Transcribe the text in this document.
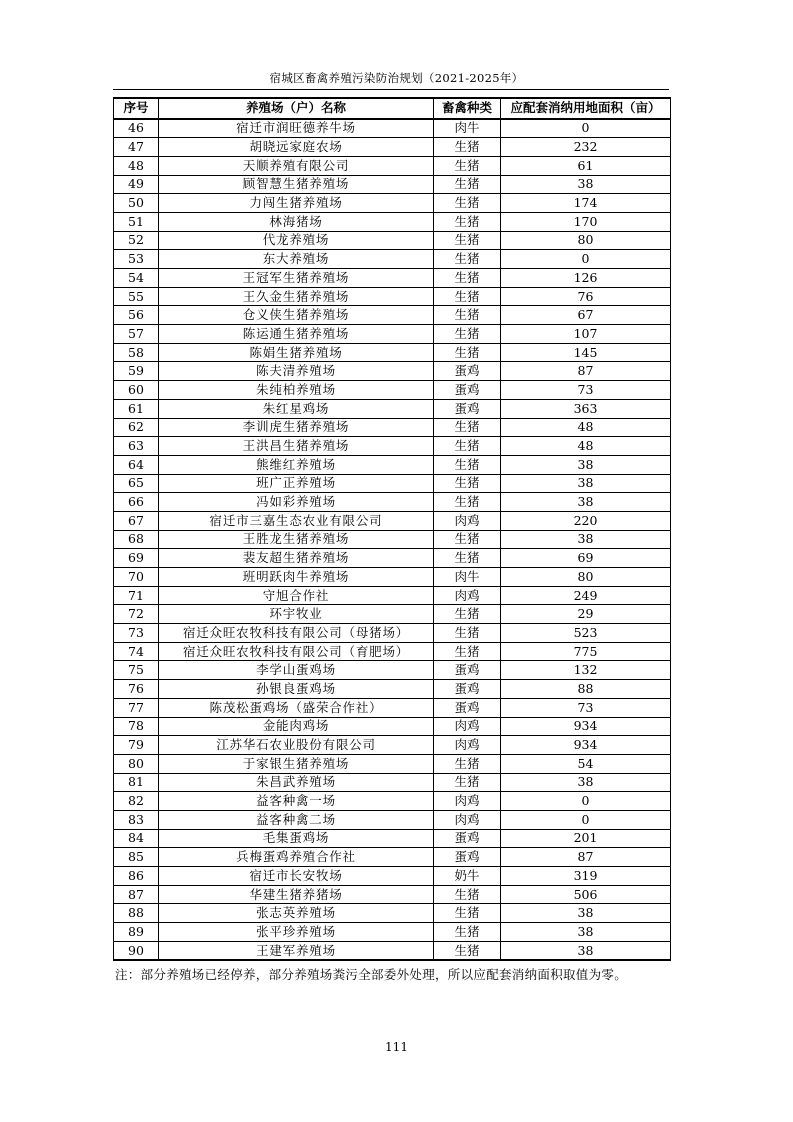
宿城区畜禽养殖污染防治规划（2021-2025年）
序号	养殖场（户）名称	畜禽种类	应配套消纳用地面积（亩）
46	宿迁市润旺德养牛场	肉牛	0
47	胡晓远家庭农场	生猪	232
48	天顺养殖有限公司	生猪	61
49	顾智慧生猪养殖场	生猪	38
50	力闯生猪养殖场	生猪	174
51	林海猪场	生猪	170
52	代龙养殖场	生猪	80
53	东大养殖场	生猪	0
54	王冠军生猪养殖场	生猪	126
55	王久金生猪养殖场	生猪	76
56	仓义侠生猪养殖场	生猪	67
57	陈运通生猪养殖场	生猪	107
58	陈娟生猪养殖场	生猪	145
59	陈夫清养殖场	蛋鸡	87
60	朱纯柏养殖场	蛋鸡	73
61	朱红星鸡场	蛋鸡	363
62	李训虎生猪养殖场	生猪	48
63	王洪昌生猪养殖场	生猪	48
64	熊维红养殖场	生猪	38
65	班广正养殖场	生猪	38
66	冯如彩养殖场	生猪	38
67	宿迁市三嘉生态农业有限公司	肉鸡	220
68	王胜龙生猪养殖场	生猪	38
69	裴友超生猪养殖场	生猪	69
70	班明跃肉牛养殖场	肉牛	80
71	守旭合作社	肉鸡	249
72	环宇牧业	生猪	29
73	宿迁众旺农牧科技有限公司（母猪场）	生猪	523
74	宿迁众旺农牧科技有限公司（育肥场）	生猪	775
75	李学山蛋鸡场	蛋鸡	132
76	孙银良蛋鸡场	蛋鸡	88
77	陈茂松蛋鸡场（盛荣合作社）	蛋鸡	73
78	金能肉鸡场	肉鸡	934
79	江苏华石农业股份有限公司	肉鸡	934
80	于家银生猪养殖场	生猪	54
81	朱昌武养殖场	生猪	38
82	益客种禽一场	肉鸡	0
83	益客种禽二场	肉鸡	0
84	毛集蛋鸡场	蛋鸡	201
85	兵梅蛋鸡养殖合作社	蛋鸡	87
86	宿迁市长安牧场	奶牛	319
87	华建生猪养猪场	生猪	506
88	张志英养殖场	生猪	38
89	张平珍养殖场	生猪	38
90	王建军养殖场	生猪	38
注：部分养殖场已经停养，部分养殖场粪污全部委外处理，所以应配套消纳面积取值为零。
111
